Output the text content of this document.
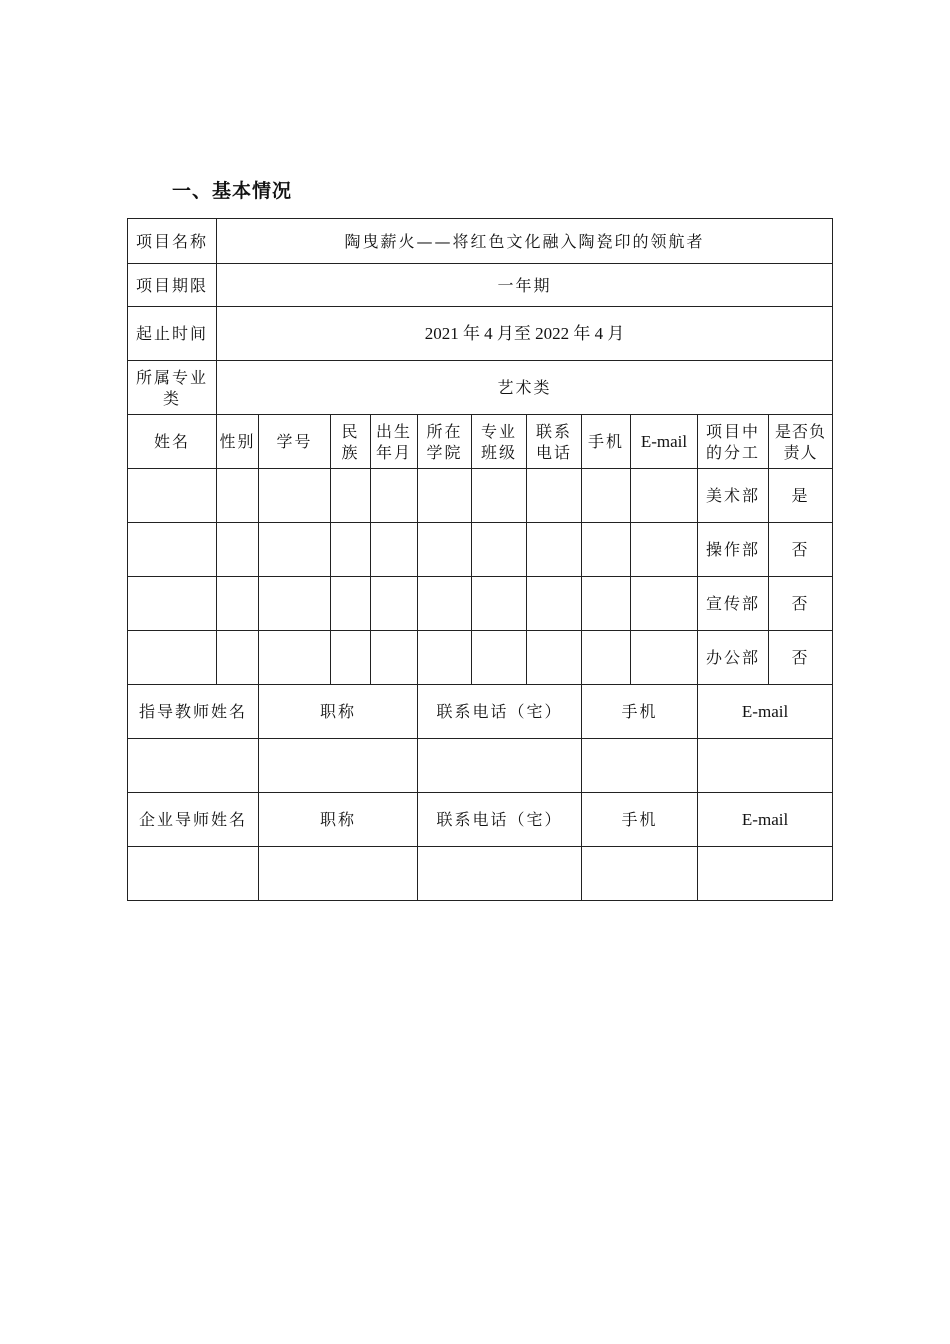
一、基本情况
项目名称	陶曳薪火——将红色文化融入陶瓷印的领航者										
项目期限	一年期										
起止时间	2021 年 4 月至 2022 年 4 月										
所属专业类	艺术类										
姓名	性别	学号	民族	出生年月	所在学院	专业班级	联系电话	手机	E-mail	项目中的分工	是否负责人
										美术部	是
										操作部	否
										宣传部	否
										办公部	否
指导教师姓名		职称			联系电话（宅）			手机		E-mail	

企业导师姓名		职称			联系电话（宅）			手机		E-mail	
